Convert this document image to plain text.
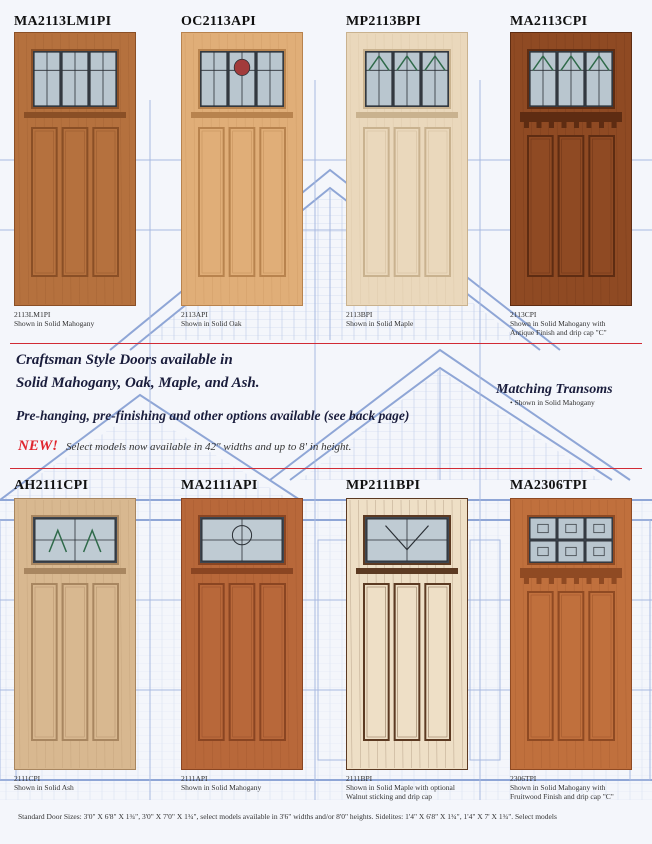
MA2113LM1PI
2113LM1PI
Shown in Solid Mahogany
OC2113API
2113API
Shown in Solid Oak
MP2113BPI
2113BPI
Shown in Solid Maple
MA2113CPI
2113CPI
Shown in Solid Mahogany with
Antique Finish and drip cap "C"
Craftsman Style Doors available in
Solid Mahogany, Oak, Maple, and Ash.
Pre-hanging, pre-finishing and other options available (see back page)
NEW! Select models now available in 42" widths and up to 8' in height.
Matching Transoms
• Shown in Solid Mahogany
AH2111CPI
2111CPI
Shown in Solid Ash
MA2111API
2111API
Shown in Solid Mahogany
MP2111BPI
2111BPI
Shown in Solid Maple with optional
Walnut sticking and drip cap
MA2306TPI
2306TPI
Shown in Solid Mahogany with
Fruitwood Finish and drip cap "C"
Standard Door Sizes: 3'0" X 6'8" X 1¾", 3'0" X 7'0" X 1¾", select models available in 3'6" widths and/or 8'0" heights. Sidelites: 1'4" X 6'8" X 1¾", 1'4" X 7' X 1¾". Select models
